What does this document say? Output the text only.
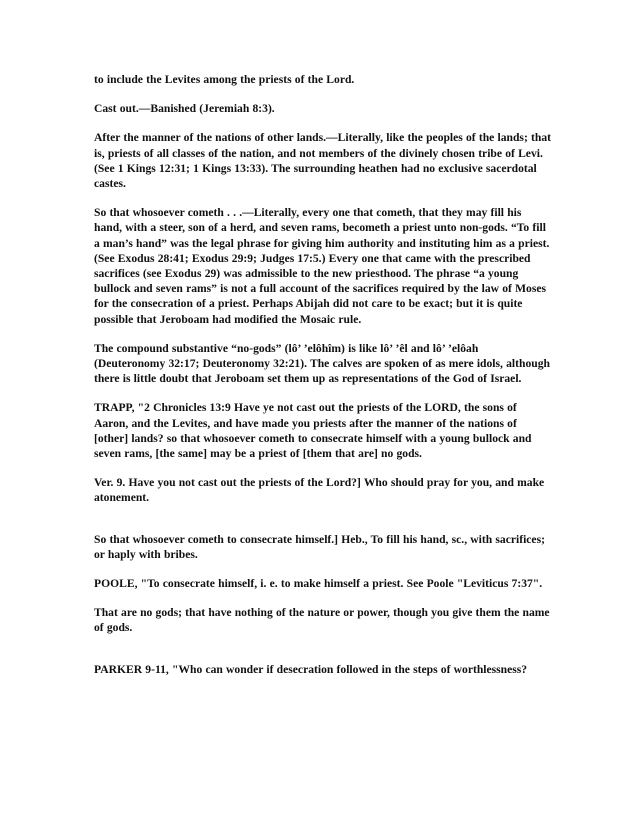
to include the Levites among the priests of the Lord.

Cast out.—Banished (Jeremiah 8:3).

After the manner of the nations of other lands.—Literally, like the peoples of the lands; that is, priests of all classes of the nation, and not members of the divinely chosen tribe of Levi. (See 1 Kings 12:31; 1 Kings 13:33). The surrounding heathen had no exclusive sacerdotal castes.

So that whosoever cometh . . .—Literally, every one that cometh, that they may fill his hand, with a steer, son of a herd, and seven rams, becometh a priest unto non-gods. “To fill a man’s hand” was the legal phrase for giving him authority and instituting him as a priest. (See Exodus 28:41; Exodus 29:9; Judges 17:5.) Every one that came with the prescribed sacrifices (see Exodus 29) was admissible to the new priesthood. The phrase “a young bullock and seven rams” is not a full account of the sacrifices required by the law of Moses for the consecration of a priest. Perhaps Abijah did not care to be exact; but it is quite possible that Jeroboam had modified the Mosaic rule.

The compound substantive “no-gods” (lô’ ’elôhîm) is like lô’ ’êl and lô’ ’elôah (Deuteronomy 32:17; Deuteronomy 32:21). The calves are spoken of as mere idols, although there is little doubt that Jeroboam set them up as representations of the God of Israel.

TRAPP, "2 Chronicles 13:9 Have ye not cast out the priests of the LORD, the sons of Aaron, and the Levites, and have made you priests after the manner of the nations of [other] lands? so that whosoever cometh to consecrate himself with a young bullock and seven rams, [the same] may be a priest of [them that are] no gods.

Ver. 9. Have you not cast out the priests of the Lord?] Who should pray for you, and make atonement.

So that whosoever cometh to consecrate himself.] Heb., To fill his hand, sc., with sacrifices; or haply with bribes.

POOLE, "To consecrate himself, i. e. to make himself a priest. See Poole "Leviticus 7:37".

That are no gods; that have nothing of the nature or power, though you give them the name of gods.

PARKER 9-11, "Who can wonder if desecration followed in the steps of worthlessness?
